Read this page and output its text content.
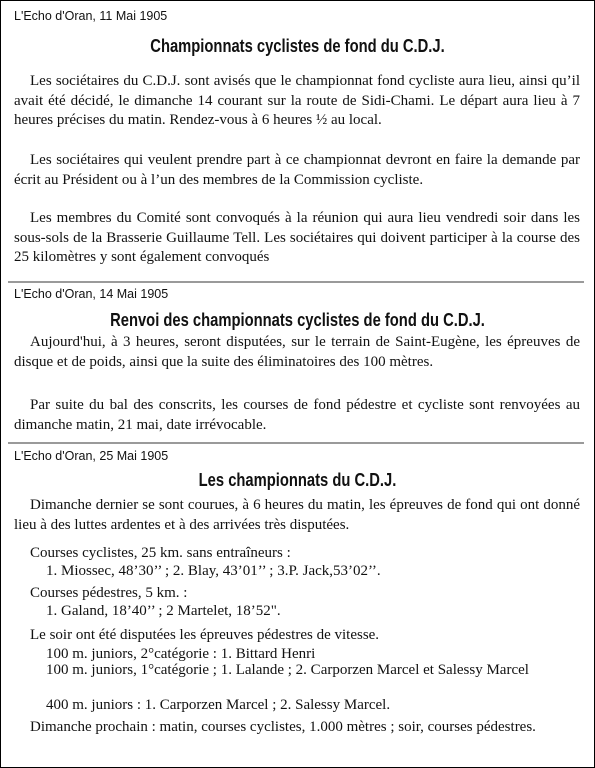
L'Echo d'Oran, 11 Mai 1905
Championnats cyclistes de fond du C.D.J.
Les sociétaires du C.D.J. sont avisés que le championnat fond cycliste aura lieu, ainsi qu’il avait été décidé, le dimanche 14 courant sur la route de Sidi-Chami. Le départ aura lieu à 7 heures précises du matin. Rendez-vous à 6 heures ½ au local.
Les sociétaires qui veulent prendre part à ce championnat devront en faire la demande par écrit au Président ou à l’un des membres de la Commission cycliste.
Les membres du Comité sont convoqués à la réunion qui aura lieu vendredi soir dans les sous-sols de la Brasserie Guillaume Tell. Les sociétaires qui doivent participer à la course des 25 kilomètres y sont également convoqués
L'Echo d'Oran, 14 Mai 1905
Renvoi des championnats cyclistes de fond du C.D.J.
Aujourd'hui, à 3 heures, seront disputées, sur le terrain de Saint-Eugène, les épreuves de disque et de poids, ainsi que la suite des éliminatoires des 100 mètres.
Par suite du bal des conscrits, les courses de fond pédestre et cycliste sont renvoyées au dimanche matin, 21 mai, date irrévocable.
L'Echo d'Oran, 25 Mai 1905
Les championnats du C.D.J.
Dimanche dernier se sont courues, à 6 heures du matin, les épreuves de fond qui ont donné lieu à des luttes ardentes et à des arrivées très disputées.
Courses cyclistes, 25 km. sans entraîneurs :
1. Miossec, 48’30’’ ; 2. Blay, 43’01’’ ; 3.P. Jack,53’02’’.
Courses pédestres, 5 km. :
1. Galand, 18’40’’ ; 2 Martelet, 18’52".
Le soir ont été disputées les épreuves pédestres de vitesse.
100 m. juniors, 2°catégorie : 1. Bittard Henri
100 m. juniors, 1°catégorie ; 1. Lalande ; 2. Carporzen Marcel et Salessy Marcel
400 m. juniors : 1. Carporzen Marcel ; 2. Salessy Marcel.
Dimanche prochain : matin, courses cyclistes, 1.000 mètres ; soir, courses pédestres.
